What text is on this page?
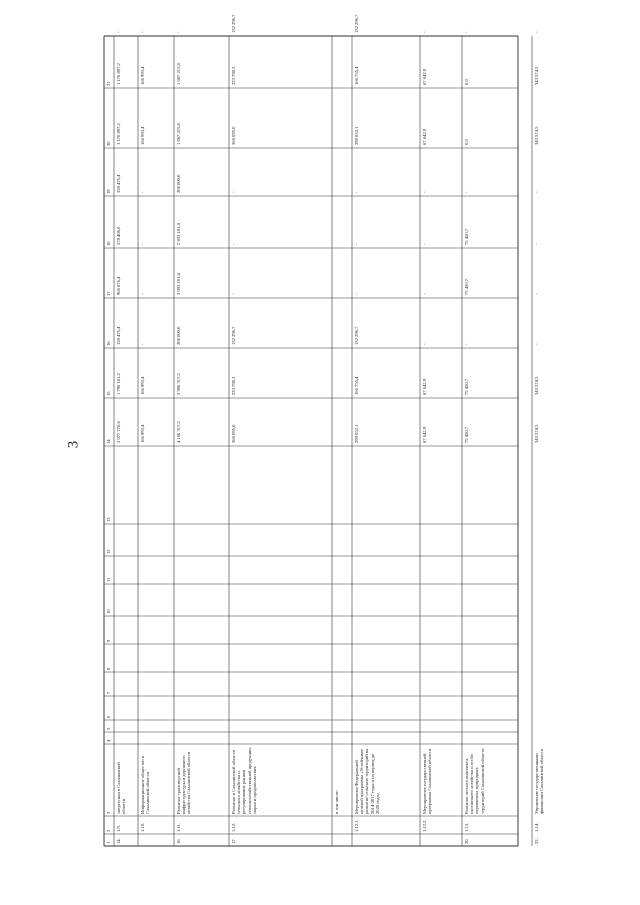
3
1
2
3
4
5
6
7
8
9
10
11
12
13
14
15
16
17
18
19
20
21
14.
1.9.
энергетики в Сахалинской области
2 077 776,6
1 790 101,2
128 475,4
966 876,4
578 406,0
328 475,4
1 170 897,2
1 170 897,2
-
1.10.
Информационное общество в Сахалинской области
166 993,4
166 993,4
-
-
-
-
166 993,4
166 993,4
-
16.
1.11.
Развитие транспортной инфраструктуры и дорожного хозяйства Сахалинской области
4 160 317,2
3 900 317,2
260 000,0
3 093 101,4
2 833 101,4
260 000,0
1 067 215,8
1 067 215,8
-
17.
1.12.
Развитие в Сахалинской области сельского хозяйства и регулирование рынков сельскохозяйственной продукции, сырья и продовольствия
366 095,0
233 798,3
132 296,7
-
-
-
366 095,0
233 798,3
132 296,7
в том числе:
1.12.1.
Мероприятия Федеральной целевой программы «Устойчивое развитие сельских территорий на 2014-2017 годы и на период до 2020 года»
299 052,1
166 755,4
132 296,7
-
-
-
299 052,1
166 755,4
132 296,7
1.12.2.
Мероприятия государственной программы Сахалинской области
67 042,9
67 042,9
-
-
-
-
67 042,9
67 042,9
-
20.
1.13.
Развитие лесного комплекса, охотничьего хозяйства и особо охраняемых природных территорий Сахалинской области
75 450,7
75 450,7
-
75 450,7
75 450,7
-
0,0
0,0
-
23.
1.14.
Управление государственными финансами Сахалинской области
343 574,5
343 574,5
-
-
-
-
343 574,5
343 574,5
-
